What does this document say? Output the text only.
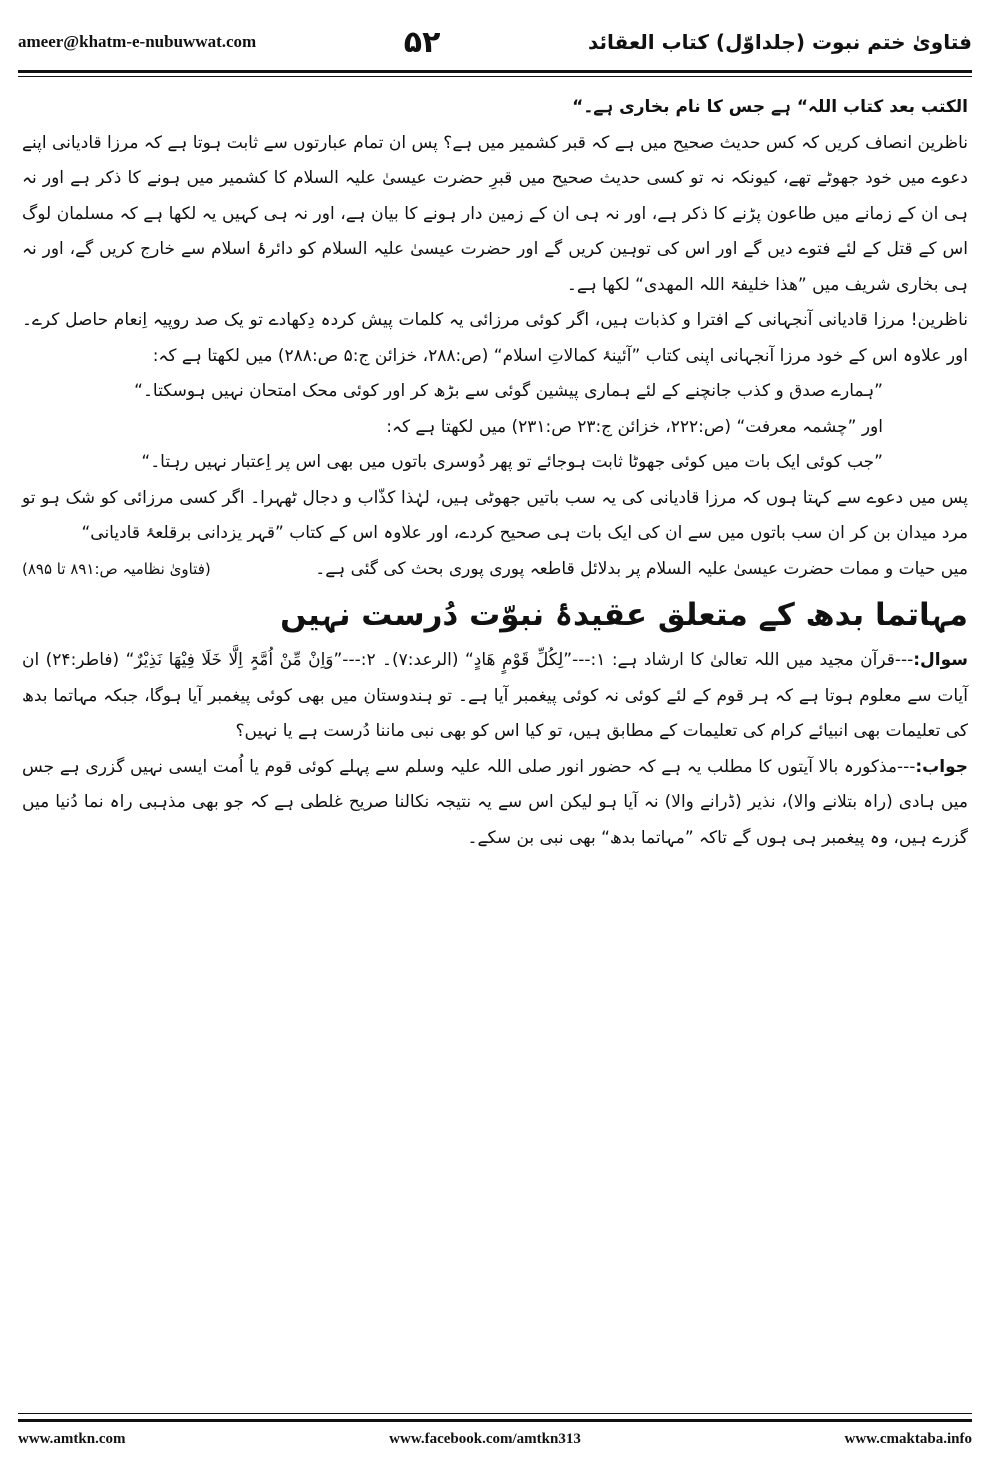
ameer@khatm-e-nubuwwat.com	۵۲	فتاویٰ ختم نبوت (جلداوّل) کتاب العقائد

الکتب بعد کتاب اللہ“ ہے جس کا نام بخاری ہے۔“

ناظرین انصاف کریں کہ کس حدیث صحیح میں ہے کہ قبر کشمیر میں ہے؟ پس ان تمام عبارتوں سے ثابت ہوتا ہے کہ مرزا قادیانی اپنے دعوے میں خود جھوٹے تھے، کیونکہ نہ تو کسی حدیث صحیح میں قبرِ حضرت عیسیٰ علیہ السلام کا کشمیر میں ہونے کا ذکر ہے اور نہ ہی ان کے زمانے میں طاعون پڑنے کا ذکر ہے، اور نہ ہی ان کے زمین دار ہونے کا بیان ہے، اور نہ ہی کہیں یہ لکھا ہے کہ مسلمان لوگ اس کے قتل کے لئے فتوے دیں گے اور اس کی توہین کریں گے اور حضرت عیسیٰ علیہ السلام کو دائرۂ اسلام سے خارج کریں گے، اور نہ ہی بخاری شریف میں ”ھذا خلیفۃ اللہ المھدی“ لکھا ہے۔

ناظرین! مرزا قادیانی آنجہانی کے افترا و کذبات ہیں، اگر کوئی مرزائی یہ کلمات پیش کردہ دِکھادے تو یک صد روپیہ اِنعام حاصل کرے۔ اور علاوہ اس کے خود مرزا آنجہانی اپنی کتاب ”آئینۂ کمالاتِ اسلام“ (ص:۲۸۸، خزائن ج:۵ ص:۲۸۸) میں لکھتا ہے کہ:

”ہمارے صدق و کذب جانچنے کے لئے ہماری پیشین گوئی سے بڑھ کر اور کوئی محک امتحان نہیں ہوسکتا۔“

اور ”چشمہ معرفت“ (ص:۲۲۲، خزائن ج:۲۳ ص:۲۳۱) میں لکھتا ہے کہ:

”جب کوئی ایک بات میں کوئی جھوٹا ثابت ہوجائے تو پھر دُوسری باتوں میں بھی اس پر اِعتبار نہیں رہتا۔“

پس میں دعوے سے کہتا ہوں کہ مرزا قادیانی کی یہ سب باتیں جھوٹی ہیں، لہٰذا کذّاب و دجال ٹھہرا۔ اگر کسی مرزائی کو شک ہو تو مرد میدان بن کر ان سب باتوں میں سے ان کی ایک بات ہی صحیح کردے، اور علاوہ اس کے کتاب ”قہر یزدانی برقلعۂ قادیانی“

میں حیات و ممات حضرت عیسیٰ علیہ السلام پر بدلائل قاطعہ پوری پوری بحث کی گئی ہے۔
(فتاویٰ نظامیہ ص:۸۹۱ تا ۸۹۵)

مہاتما بدھ کے متعلق عقیدۂ نبوّت دُرست نہیں

سوال:---قرآن مجید میں اللہ تعالیٰ کا ارشاد ہے: ۱:---”لِکُلِّ قَوْمٍ ھَادٍ“ (الرعد:۷)۔ ۲:---”وَاِنْ مِّنْ اُمَّۃٍ اِلَّا خَلَا فِیْھَا نَذِیْرٌ“ (فاطر:۲۴) ان آیات سے معلوم ہوتا ہے کہ ہر قوم کے لئے کوئی نہ کوئی پیغمبر آیا ہے۔ تو ہندوستان میں بھی کوئی پیغمبر آیا ہوگا، جبکہ مہاتما بدھ کی تعلیمات بھی انبیائے کرام کی تعلیمات کے مطابق ہیں، تو کیا اس کو بھی نبی ماننا دُرست ہے یا نہیں؟

جواب:---مذکورہ بالا آیتوں کا مطلب یہ ہے کہ حضور انور صلی اللہ علیہ وسلم سے پہلے کوئی قوم یا اُمت ایسی نہیں گزری ہے جس میں ہادی (راہ بتلانے والا)، نذیر (ڈرانے والا) نہ آیا ہو لیکن اس سے یہ نتیجہ نکالنا صریح غلطی ہے کہ جو بھی مذہبی راہ نما دُنیا میں گزرے ہیں، وہ پیغمبر ہی ہوں گے تاکہ ”مہاتما بدھ“ بھی نبی بن سکے۔

www.amtkn.com	www.facebook.com/amtkn313	www.cmaktaba.info
